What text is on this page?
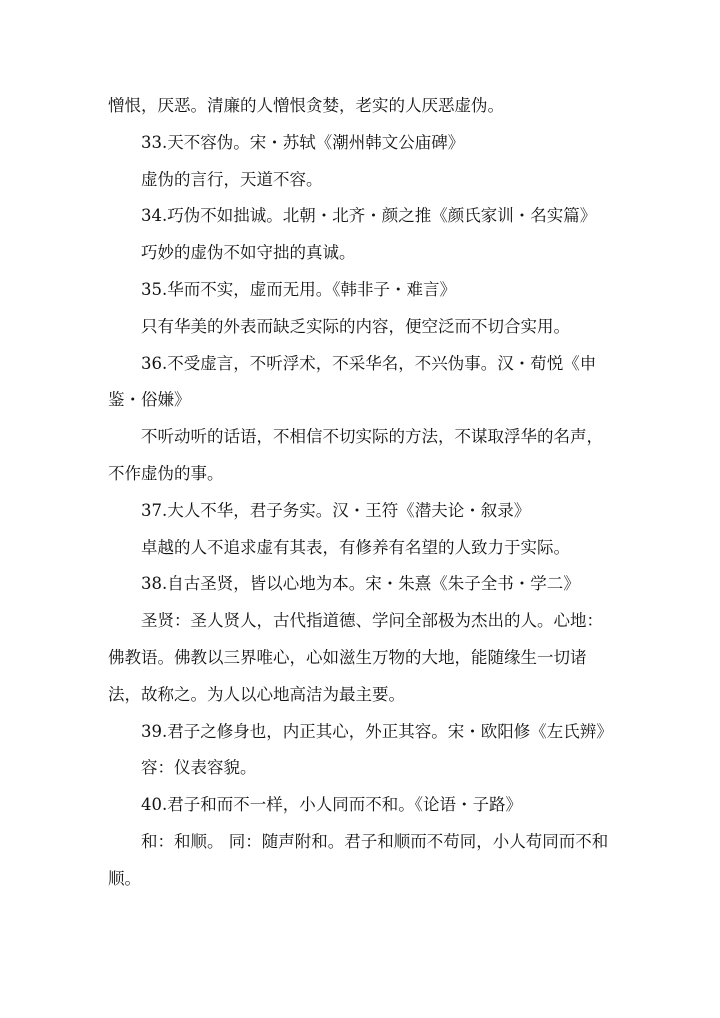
憎恨，厌恶。清廉的人憎恨贪婪，老实的人厌恶虚伪。

33.天不容伪。宋・苏轼《潮州韩文公庙碑》

虚伪的言行，天道不容。

34.巧伪不如拙诚。北朝・北齐・颜之推《颜氏家训・名实篇》

巧妙的虚伪不如守拙的真诚。

35.华而不实，虚而无用。《韩非子・难言》

只有华美的外表而缺乏实际的内容，便空泛而不切合实用。

36.不受虚言，不听浮术，不采华名，不兴伪事。汉・荀悦《申鉴・俗嫌》

不听动听的话语，不相信不切实际的方法，不谋取浮华的名声，不作虚伪的事。

37.大人不华，君子务实。汉・王符《潜夫论・叙录》

卓越的人不追求虚有其表，有修养有名望的人致力于实际。

38.自古圣贤，皆以心地为本。宋・朱熹《朱子全书・学二》

圣贤：圣人贤人，古代指道德、学问全部极为杰出的人。心地：佛教语。佛教以三界唯心，心如滋生万物的大地，能随缘生一切诸法，故称之。为人以心地高洁为最主要。

39.君子之修身也，内正其心，外正其容。宋・欧阳修《左氏辨》

容：仪表容貌。

40.君子和而不一样，小人同而不和。《论语・子路》

和：和顺。 同：随声附和。君子和顺而不苟同，小人苟同而不和顺。
